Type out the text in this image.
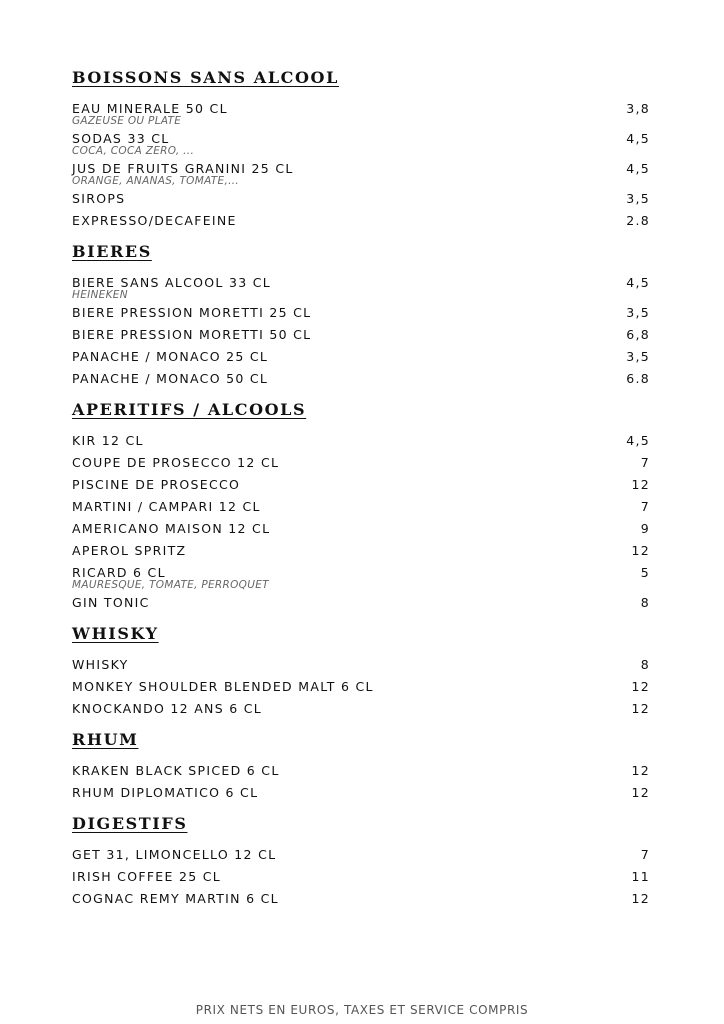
BOISSONS SANS ALCOOL
EAU MINERALE 50 CL	3,8
GAZEUSE OU PLATE
SODAS 33 CL	4,5
COCA, COCA ZERO, ...
JUS DE FRUITS GRANINI 25 CL	4,5
ORANGE, ANANAS, TOMATE,...
SIROPS	3,5
EXPRESSO/DECAFEINE	2.8
BIERES
BIERE SANS ALCOOL 33 CL	4,5
HEINEKEN
BIERE PRESSION MORETTI 25 CL	3,5
BIERE PRESSION MORETTI 50 CL	6,8
PANACHE / MONACO 25 CL	3,5
PANACHE / MONACO 50 CL	6.8
APERITIFS / ALCOOLS
KIR 12 CL	4,5
COUPE DE PROSECCO 12 CL	7
PISCINE DE PROSECCO	12
MARTINI / CAMPARI 12 CL	7
AMERICANO MAISON 12 CL	9
APEROL SPRITZ	12
RICARD 6 CL	5
MAURESQUE, TOMATE, PERROQUET
GIN TONIC	8
WHISKY
WHISKY	8
MONKEY SHOULDER BLENDED MALT 6 CL	12
KNOCKANDO 12 ANS 6 CL	12
RHUM
KRAKEN BLACK SPICED 6 CL	12
RHUM DIPLOMATICO 6 CL	12
DIGESTIFS
GET 31, LIMONCELLO 12 CL	7
IRISH COFFEE 25 CL	11
COGNAC REMY MARTIN 6 CL	12
PRIX NETS EN EUROS, TAXES ET SERVICE COMPRIS
